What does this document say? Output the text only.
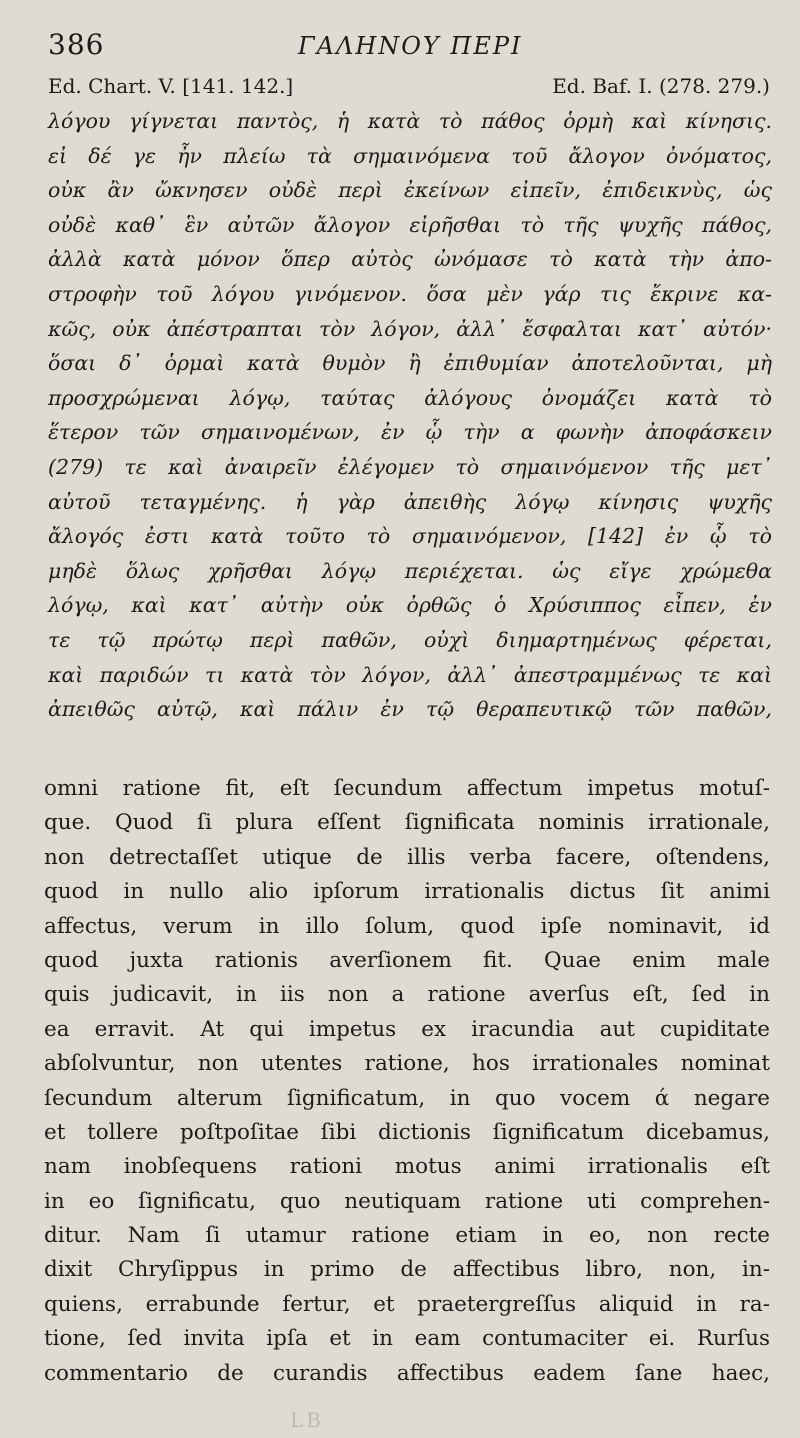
386	ΓΑΛΗΝΟΥ ΠΕΡΙ
Ed. Chart. V. [141. 142.]	Ed. Baf. I. (278. 279.)
λόγου γίγνεται παντὸς, ἡ κατὰ τὸ πάθος ὁρμὴ καὶ κίνησις.
εἰ δέ γε ἦν πλείω τὰ σημαινόμενα τοῦ ἄλογον ὀνόματος,
οὐκ ἂν ὤκνησεν οὐδὲ περὶ ἐκείνων εἰπεῖν, ἐπιδεικνὺς, ὡς
οὐδὲ καθ᾽ ἓν αὐτῶν ἄλογον εἰρῆσθαι τὸ τῆς ψυχῆς πάθος,
ἀλλὰ κατὰ μόνον ὅπερ αὐτὸς ὠνόμασε τὸ κατὰ τὴν ἀπο-
στροφὴν τοῦ λόγου γινόμενον. ὅσα μὲν γάρ τις ἔκρινε κα-
κῶς, οὐκ ἀπέστραπται τὸν λόγον, ἀλλ᾽ ἔσφαλται κατ᾽ αὐτόν·
ὅσαι δ᾽ ὁρμαὶ κατὰ θυμὸν ἢ ἐπιθυμίαν ἀποτελοῦνται, μὴ
προσχρώμεναι λόγῳ, ταύτας ἀλόγους ὀνομάζει κατὰ τὸ
ἕτερον τῶν σημαινομένων, ἐν ᾧ τὴν α φωνὴν ἀποφάσκειν
(279) τε καὶ ἀναιρεῖν ἐλέγομεν τὸ σημαινόμενον τῆς μετ᾽
αὐτοῦ τεταγμένης. ἡ γὰρ ἀπειθὴς λόγῳ κίνησις ψυχῆς
ἄλογός ἐστι κατὰ τοῦτο τὸ σημαινόμενον, [142] ἐν ᾧ τὸ
μηδὲ ὅλως χρῆσθαι λόγῳ περιέχεται. ὡς εἴγε χρώμεθα
λόγῳ, καὶ κατ᾽ αὐτὴν οὐκ ὀρθῶς ὁ Χρύσιππος εἶπεν, ἐν
τε τῷ πρώτῳ περὶ παθῶν, οὐχὶ διημαρτημένως φέρεται,
καὶ παριδών τι κατὰ τὸν λόγον, ἀλλ᾽ ἀπεστραμμένως τε καὶ
ἀπειθῶς αὐτῷ, καὶ πάλιν ἐν τῷ θεραπευτικῷ τῶν παθῶν,
omni ratione fit, eſt ſecundum affectum impetus motuſ-
que. Quod ſi plura eſſent ſignificata nominis irrationale,
non detrectaſſet utique de illis verba facere, oſtendens,
quod in nullo alio ipſorum irrationalis dictus ſit animi
affectus, verum in illo ſolum, quod ipſe nominavit, id
quod juxta rationis averſionem fit. Quae enim male
quis judicavit, in iis non a ratione averſus eſt, ſed in
ea erravit. At qui impetus ex iracundia aut cupiditate
abſolvuntur, non utentes ratione, hos irrationales nominat
ſecundum alterum ſignificatum, in quo vocem ά negare
et tollere poſtpoſitae ſibi dictionis ſignificatum dicebamus,
nam inobſequens rationi motus animi irrationalis eſt
in eo ſignificatu, quo neutiquam ratione uti comprehen-
ditur. Nam ſi utamur ratione etiam in eo, non recte
dixit Chryſippus in primo de affectibus libro, non, in-
quiens, errabunde fertur, et praetergreſſus aliquid in ra-
tione, ſed invita ipſa et in eam contumaciter ei. Rurſus
commentario de curandis affectibus eadem ſane haec,
LB
